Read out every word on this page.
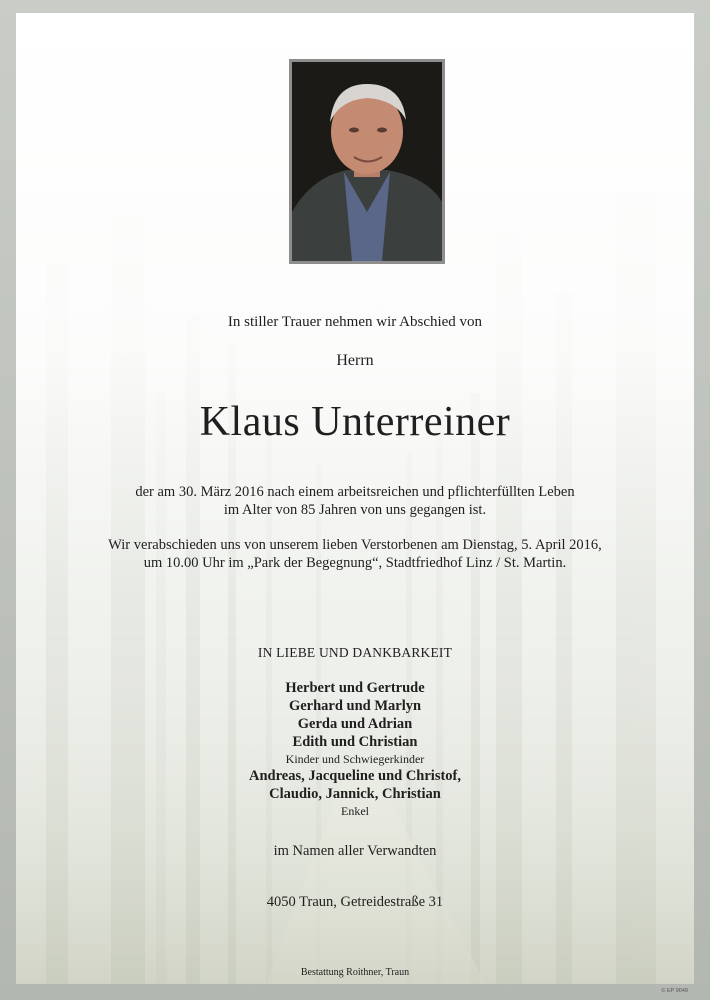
In stiller Trauer nehmen wir Abschied von
Herrn
Klaus Unterreiner
der am 30. März 2016 nach einem arbeitsreichen und pflichterfüllten Leben
im Alter von 85 Jahren von uns gegangen ist.
Wir verabschieden uns von unserem lieben Verstorbenen am Dienstag, 5. April 2016,
um 10.00 Uhr im „Park der Begegnung“, Stadtfriedhof Linz / St. Martin.
IN LIEBE UND DANKBARKEIT
Herbert und Gertrude
Gerhard und Marlyn
Gerda und Adrian
Edith und Christian
Kinder und Schwiegerkinder
Andreas, Jacqueline und Christof,
Claudio, Jannick, Christian
Enkel
im Namen aller Verwandten
4050 Traun, Getreidestraße 31
Bestattung Roithner, Traun
© EP 9049
